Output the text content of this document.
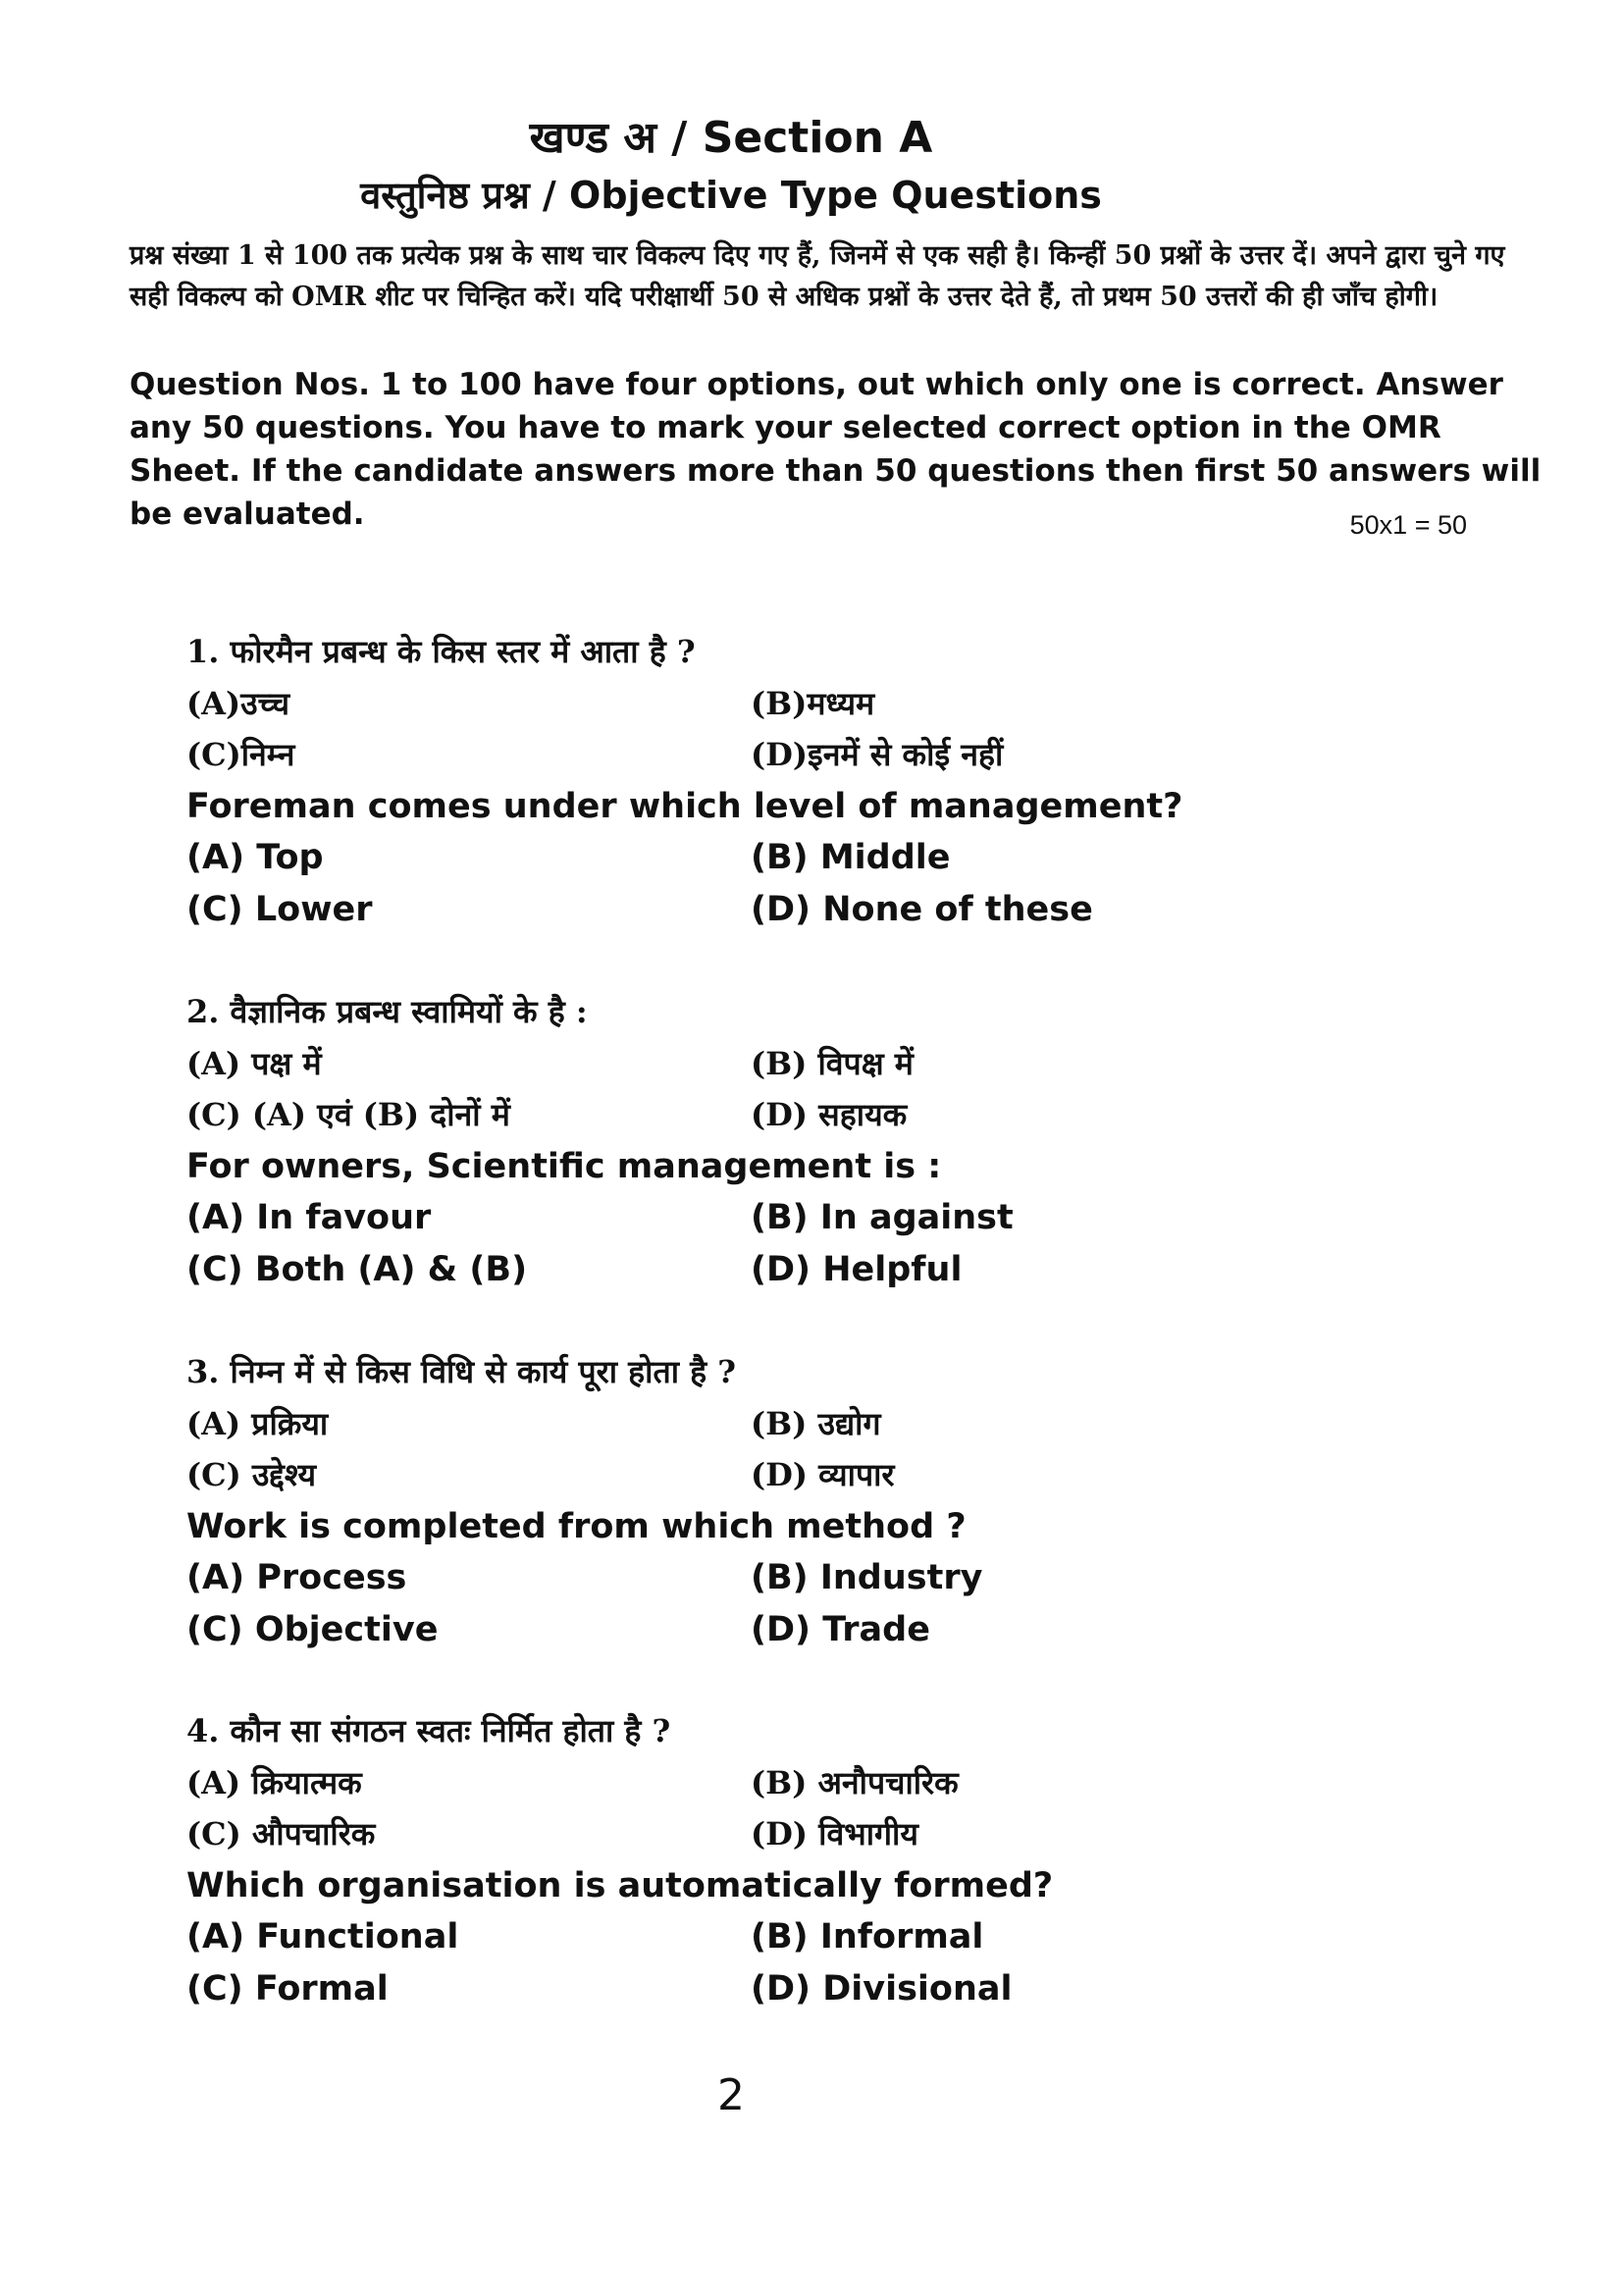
खण्ड अ / Section A
वस्तुनिष्ठ प्रश्न / Objective Type Questions
प्रश्न संख्या 1 से 100 तक प्रत्येक प्रश्न के साथ चार विकल्प दिए गए हैं, जिनमें से एक सही है। किन्हीं 50 प्रश्नों के उत्तर दें। अपने द्वारा चुने गए सही विकल्प को OMR शीट पर चिन्हित करें। यदि परीक्षार्थी 50 से अधिक प्रश्नों के उत्तर देते हैं, तो प्रथम 50 उत्तरों की ही जाँच होगी।
Question Nos. 1 to 100 have four options, out which only one is correct. Answer any 50 questions. You have to mark your selected correct option in the OMR Sheet. If the candidate answers more than 50 questions then first 50 answers will be evaluated.	50x1 = 50
1. फोरमैन प्रबन्ध के किस स्तर में आता है ?
(A)उच्च	(B)मध्यम
(C)निम्न	(D)इनमें से कोई नहीं
Foreman comes under which level of management?
(A) Top	(B) Middle
(C) Lower	(D) None of these
2. वैज्ञानिक प्रबन्ध स्वामियों के है :
(A) पक्ष में	(B) विपक्ष में
(C) (A) एवं (B) दोनों में	(D) सहायक
For owners, Scientific management is :
(A) In favour	(B) In against
(C) Both (A) & (B)	(D) Helpful
3. निम्न में से किस विधि से कार्य पूरा होता है ?
(A) प्रक्रिया	(B) उद्योग
(C) उद्देश्य	(D) व्यापार
Work is completed from which method ?
(A) Process	(B) Industry
(C) Objective	(D) Trade
4. कौन सा संगठन स्वतः निर्मित होता है ?
(A) क्रियात्मक	(B) अनौपचारिक
(C) औपचारिक	(D) विभागीय
Which organisation is automatically formed?
(A) Functional	(B) Informal
(C) Formal	(D) Divisional
2
